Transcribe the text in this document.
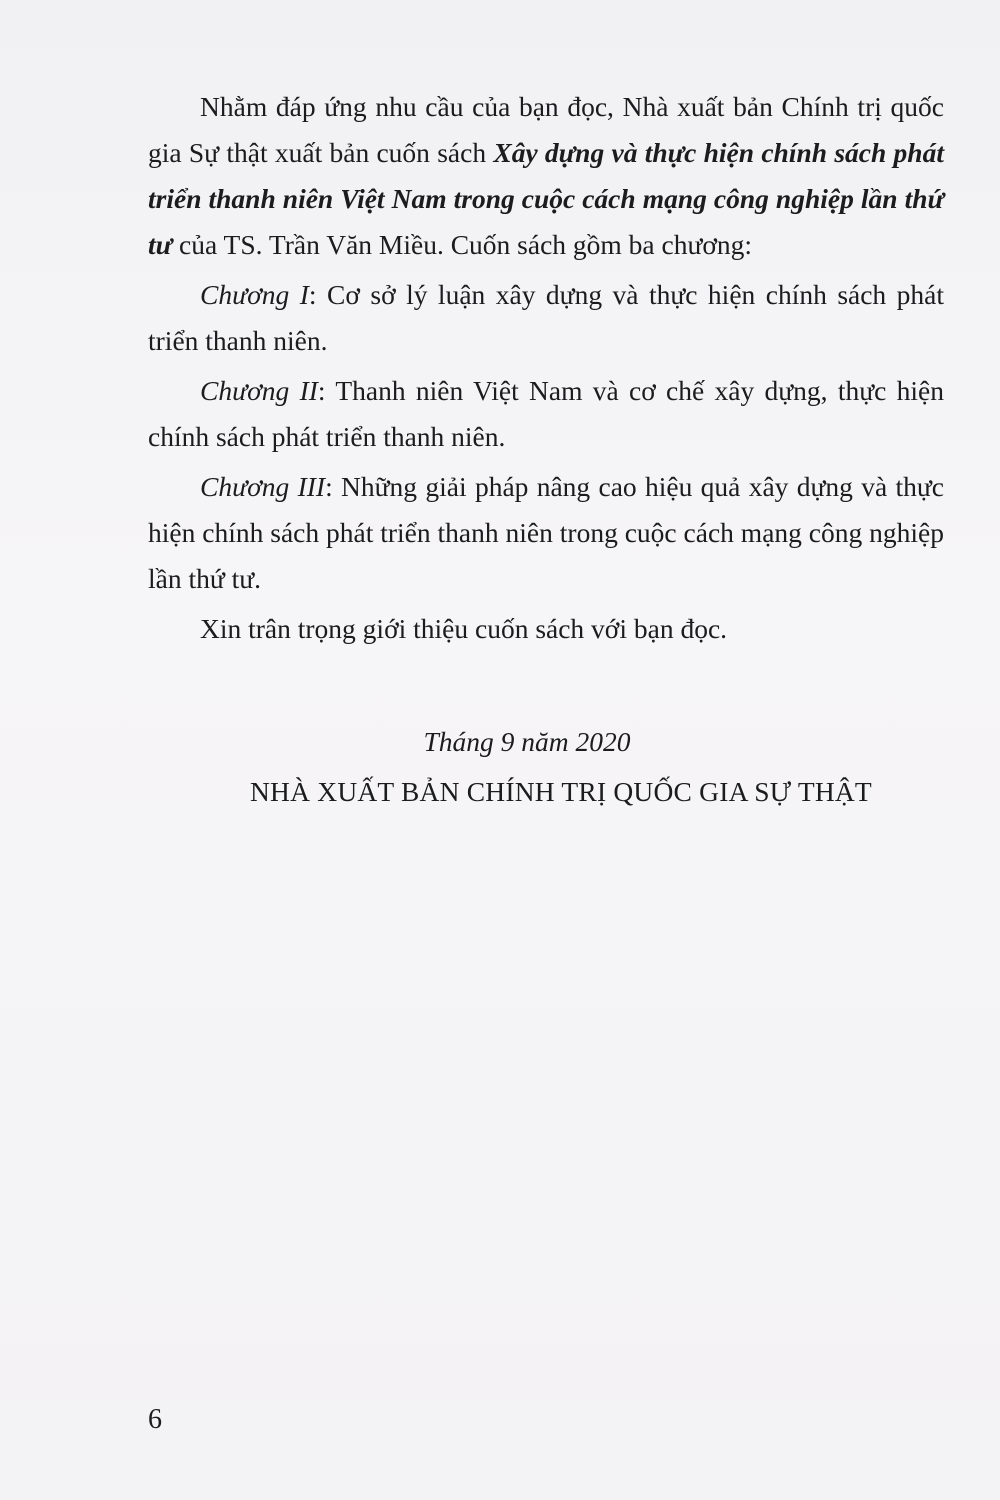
Nhằm đáp ứng nhu cầu của bạn đọc, Nhà xuất bản Chính trị quốc gia Sự thật xuất bản cuốn sách Xây dựng và thực hiện chính sách phát triển thanh niên Việt Nam trong cuộc cách mạng công nghiệp lần thứ tư của TS. Trần Văn Miều. Cuốn sách gồm ba chương:

Chương I: Cơ sở lý luận xây dựng và thực hiện chính sách phát triển thanh niên.

Chương II: Thanh niên Việt Nam và cơ chế xây dựng, thực hiện chính sách phát triển thanh niên.

Chương III: Những giải pháp nâng cao hiệu quả xây dựng và thực hiện chính sách phát triển thanh niên trong cuộc cách mạng công nghiệp lần thứ tư.

Xin trân trọng giới thiệu cuốn sách với bạn đọc.

Tháng 9 năm 2020
NHÀ XUẤT BẢN CHÍNH TRỊ QUỐC GIA SỰ THẬT
6
